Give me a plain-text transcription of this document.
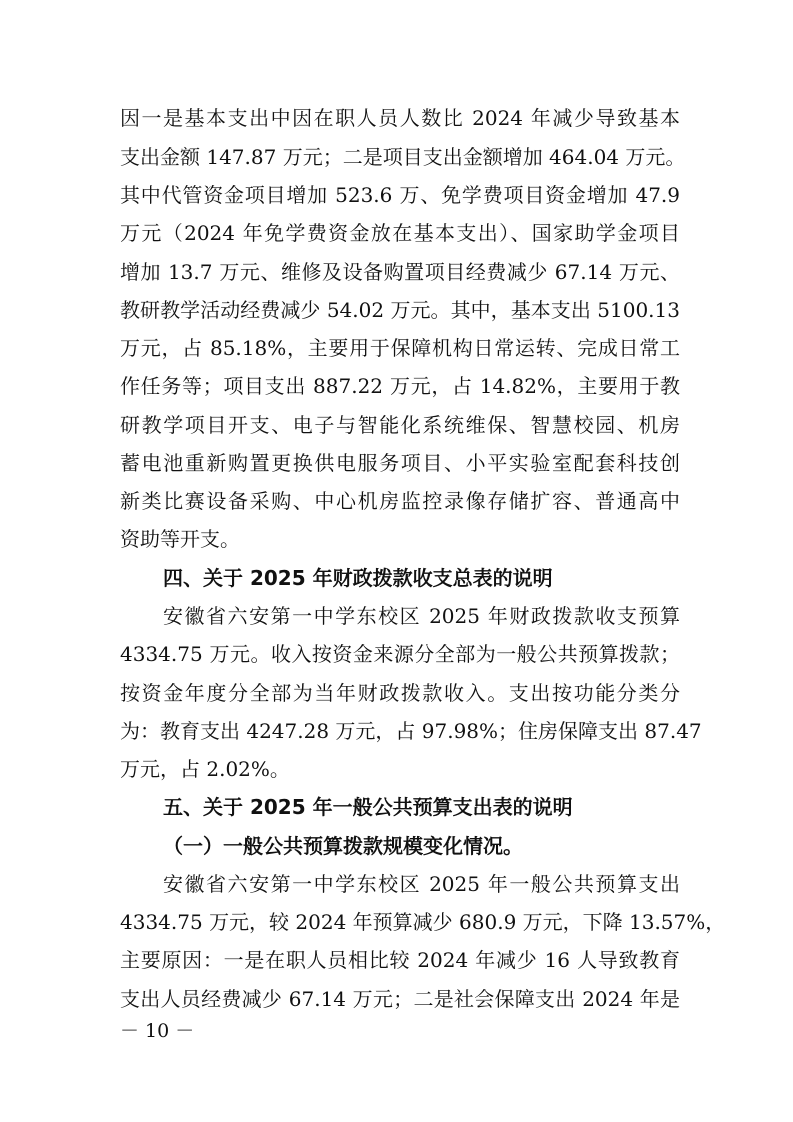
因一是基本支出中因在职人员人数比 2024 年减少导致基本
支出金额 147.87 万元；二是项目支出金额增加 464.04 万元。
其中代管资金项目增加 523.6 万、免学费项目资金增加 47.9
万元（2024 年免学费资金放在基本支出）、国家助学金项目
增加 13.7 万元、维修及设备购置项目经费减少 67.14 万元、
教研教学活动经费减少 54.02 万元。其中，基本支出 5100.13
万元，占 85.18%，主要用于保障机构日常运转、完成日常工
作任务等；项目支出 887.22 万元，占 14.82%，主要用于教
研教学项目开支、电子与智能化系统维保、智慧校园、机房
蓄电池重新购置更换供电服务项目、小平实验室配套科技创
新类比赛设备采购、中心机房监控录像存储扩容、普通高中
资助等开支。
四、关于 2025 年财政拨款收支总表的说明
安徽省六安第一中学东校区 2025 年财政拨款收支预算
4334.75 万元。收入按资金来源分全部为一般公共预算拨款；
按资金年度分全部为当年财政拨款收入。支出按功能分类分
为：教育支出 4247.28 万元，占 97.98%；住房保障支出 87.47
万元，占 2.02%。
五、关于 2025 年一般公共预算支出表的说明
（一）一般公共预算拨款规模变化情况。
安徽省六安第一中学东校区 2025 年一般公共预算支出
4334.75 万元，较 2024 年预算减少 680.9 万元，下降 13.57%，
主要原因：一是在职人员相比较 2024 年减少 16 人导致教育
支出人员经费减少 67.14 万元；二是社会保障支出 2024 年是
－ 10 －
